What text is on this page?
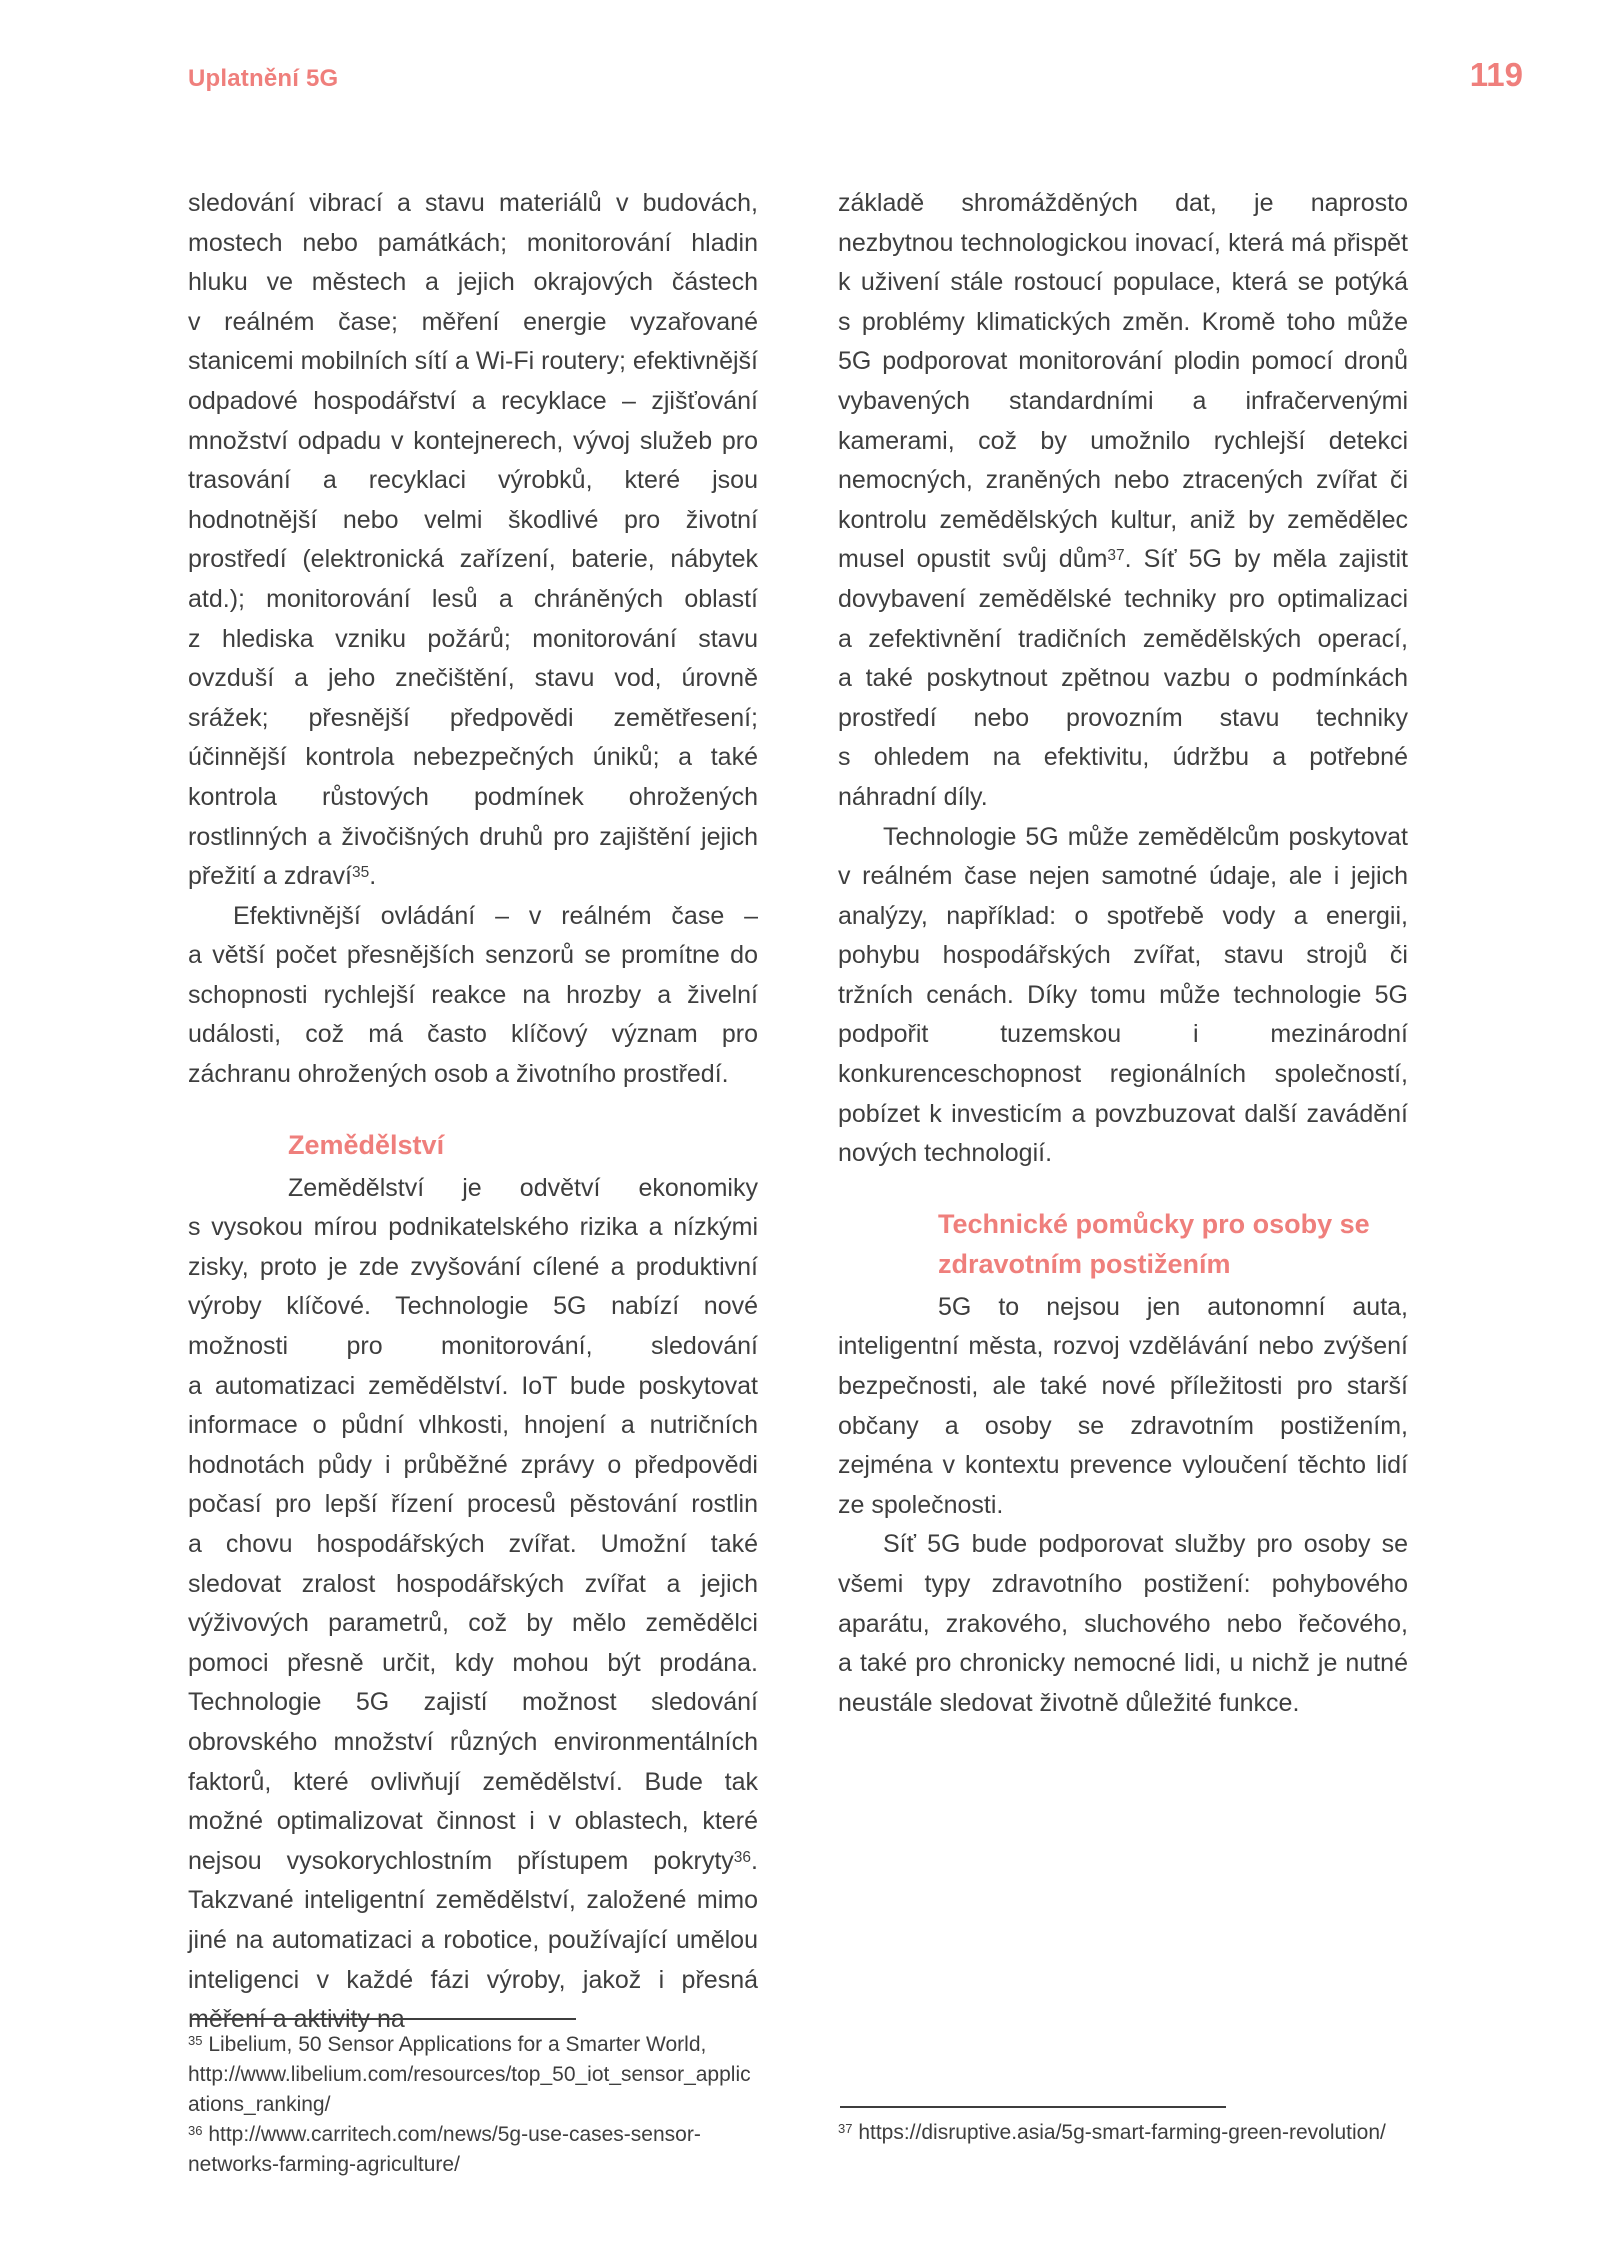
Uplatnění 5G	119

sledování vibrací a stavu materiálů v budovách, mostech nebo památkách; monitorování hladin hluku ve městech a jejich okrajových částech v reálném čase; měření energie vyzařované stanicemi mobilních sítí a Wi-Fi routery; efektivnější odpadové hospodářství a recyklace – zjišťování množství odpadu v kontejnerech, vývoj služeb pro trasování a recyklaci výrobků, které jsou hodnotnější nebo velmi škodlivé pro životní prostředí (elektronická zařízení, baterie, nábytek atd.); monitorování lesů a chráněných oblastí z hlediska vzniku požárů; monitorování stavu ovzduší a jeho znečištění, stavu vod, úrovně srážek; přesnější předpovědi zemětřesení; účinnější kontrola nebezpečných úniků; a také kontrola růstových podmínek ohrožených rostlinných a živočišných druhů pro zajištění jejich přežití a zdraví$^{35}$.

Efektivnější ovládání – v reálném čase – a větší počet přesnějších senzorů se promítne do schopnosti rychlejší reakce na hrozby a živelní události, což má často klíčový význam pro záchranu ohrožených osob a životního prostředí.

Zemědělství

Zemědělství je odvětví ekonomiky s vysokou mírou podnikatelského rizika a nízkými zisky, proto je zde zvyšování cílené a produktivní výroby klíčové. Technologie 5G nabízí nové možnosti pro monitorování, sledování a automatizaci zemědělství. IoT bude poskytovat informace o půdní vlhkosti, hnojení a nutričních hodnotách půdy i průběžné zprávy o předpovědi počasí pro lepší řízení procesů pěstování rostlin a chovu hospodářských zvířat. Umožní také sledovat zralost hospodářských zvířat a jejich výživových parametrů, což by mělo zemědělci pomoci přesně určit, kdy mohou být prodána. Technologie 5G zajistí možnost sledování obrovského množství různých environmentálních faktorů, které ovlivňují zemědělství. Bude tak možné optimalizovat činnost i v oblastech, které nejsou vysokorychlostním přístupem pokryty$^{36}$. Takzvané inteligentní zemědělství, založené mimo jiné na automatizaci a robotice, používající umělou inteligenci v každé fázi výroby, jakož i přesná měření a aktivity na

základě shromážděných dat, je naprosto nezbytnou technologickou inovací, která má přispět k uživení stále rostoucí populace, která se potýká s problémy klimatických změn. Kromě toho může 5G podporovat monitorování plodin pomocí dronů vybavených standardními a infračervenými kamerami, což by umožnilo rychlejší detekci nemocných, zraněných nebo ztracených zvířat či kontrolu zemědělských kultur, aniž by zemědělec musel opustit svůj dům$^{37}$. Síť 5G by měla zajistit dovybavení zemědělské techniky pro optimalizaci a zefektivnění tradičních zemědělských operací, a také poskytnout zpětnou vazbu o podmínkách prostředí nebo provozním stavu techniky s ohledem na efektivitu, údržbu a potřebné náhradní díly.

Technologie 5G může zemědělcům poskytovat v reálném čase nejen samotné údaje, ale i jejich analýzy, například: o spotřebě vody a energii, pohybu hospodářských zvířat, stavu strojů či tržních cenách. Díky tomu může technologie 5G podpořit tuzemskou i mezinárodní konkurenceschopnost regionálních společností, pobízet k investicím a povzbuzovat další zavádění nových technologií.

Technické pomůcky pro osoby se zdravotním postižením

5G to nejsou jen autonomní auta, inteligentní města, rozvoj vzdělávání nebo zvýšení bezpečnosti, ale také nové příležitosti pro starší občany a osoby se zdravotním postižením, zejména v kontextu prevence vyloučení těchto lidí ze společnosti.

Síť 5G bude podporovat služby pro osoby se všemi typy zdravotního postižení: pohybového aparátu, zrakového, sluchového nebo řečového, a také pro chronicky nemocné lidi, u nichž je nutné neustále sledovat životně důležité funkce.

$^{35}$ Libelium, 50 Sensor Applications for a Smarter World, http://www.libelium.com/resources/top_50_iot_sensor_applications_ranking/
$^{36}$ http://www.carritech.com/news/5g-use-cases-sensor-networks-farming-agriculture/
$^{37}$ https://disruptive.asia/5g-smart-farming-green-revolution/
